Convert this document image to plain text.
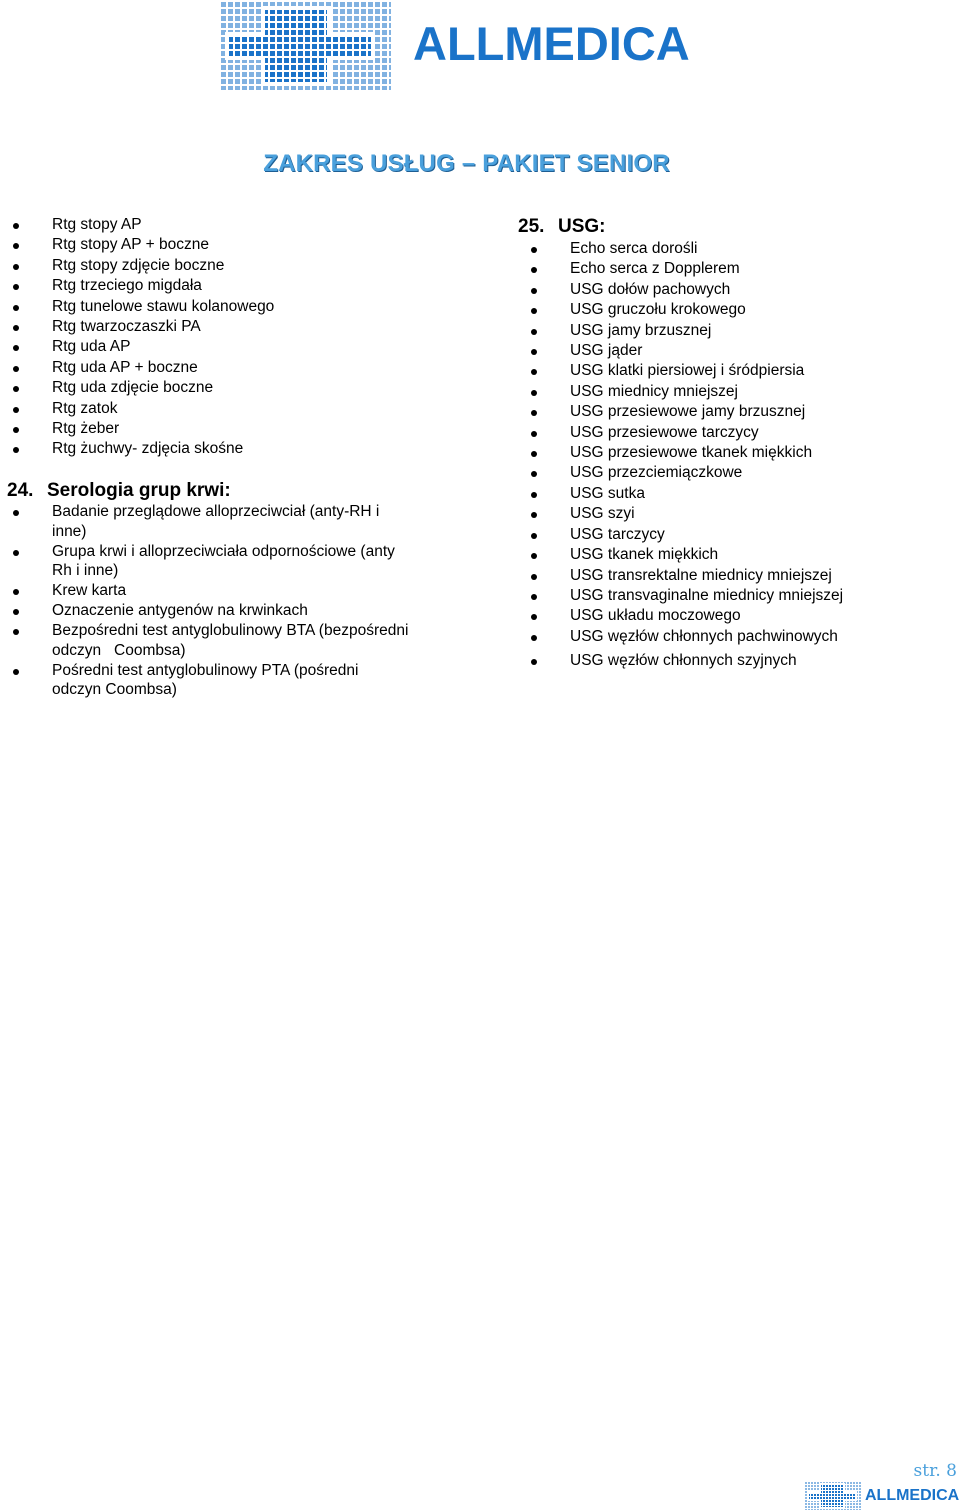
ALLMEDICA
ZAKRES USŁUG – PAKIET SENIOR
Rtg stopy AP
Rtg stopy AP + boczne
Rtg stopy zdjęcie boczne
Rtg trzeciego migdała
Rtg tunelowe stawu kolanowego
Rtg twarzoczaszki PA
Rtg uda AP
Rtg uda AP + boczne
Rtg uda zdjęcie boczne
Rtg zatok
Rtg żeber
Rtg żuchwy- zdjęcia skośne
24. Serologia grup krwi:
Badanie przeglądowe alloprzeciwciał (anty-RH i
inne)
Grupa krwi i alloprzeciwciała odpornościowe (anty
Rh i inne)
Krew karta
Oznaczenie antygenów na krwinkach
Bezpośredni test antyglobulinowy BTA (bezpośredni
odczyn   Coombsa)
Pośredni test antyglobulinowy PTA (pośredni
odczyn Coombsa)
25. USG:
Echo serca dorośli
Echo serca z Dopplerem
USG dołów pachowych
USG gruczołu krokowego
USG jamy brzusznej
USG jąder
USG klatki piersiowej i śródpiersia
USG miednicy mniejszej
USG przesiewowe jamy brzusznej
USG przesiewowe tarczycy
USG przesiewowe tkanek miękkich
USG przezciemiączkowe
USG sutka
USG szyi
USG tarczycy
USG tkanek miękkich
USG transrektalne miednicy mniejszej
USG transvaginalne miednicy mniejszej
USG układu moczowego
USG węzłów chłonnych pachwinowych
USG węzłów chłonnych szyjnych
str. 8
ALLMEDICA
